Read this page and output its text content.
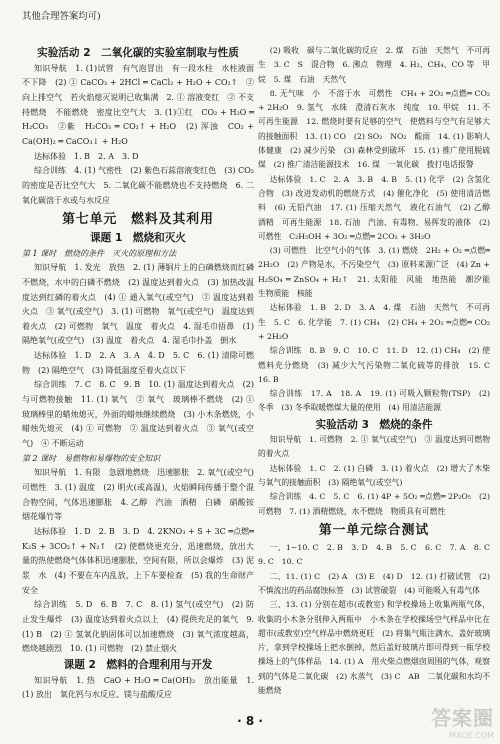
其他合理答案均可)
实验活动 2　二氧化碳的实验室制取与性质

知识导航　1. (1)试管　有气泡冒出　有一段水柱　水柱液面不下降　(2) ① CaCO₃ + 2HCl ═ CaCl₂ + H₂O + CO₂↑　② 向上排空气　若火焰熄灭说明已收集满　2. ① 溶液变红　② 不支持燃烧　不能燃烧　密度比空气大　3. (1)①红　CO₂ + H₂O ═ H₂CO₃　②紫　H₂CO₃ ═ CO₂↑ + H₂O　(2) 浑浊　CO₂ + Ca(OH)₂ ═ CaCO₃↓ + H₂O

达标体验　1. B　2. A　3. D

综合训练　4. (1) 气密性　(2) 紫色石蕊溶液变红色　(3) CO₂ 的密度是否比空气大　5. 二氧化碳不能燃烧也不支持燃烧　6. 二氧化碳溶于水或与水反应

第七单元　燃料及其利用
课题 1　燃烧和灭火
第 1 课时　燃烧的条件　灭火的原理和方法

知识导航　1. 发光　放热　2. (1) 薄铜片上的白磷燃烧而红磷不燃烧，水中的白磷不燃烧　(2) 温度达到着火点　(3) 加热改温度达到红磷的着火点　(4) ① 通入氧气(或空气)　② 温度达到着火点　③ 氧气(或空气)　3. (1) 可燃物　氧气(或空气)　温度达到着火点　(2) 可燃物　氧气　温度　着火点　4. 湿毛巾捂鼻　(1) 隔绝氧气(或空气)　(3) 温度　着火点　4. 湿毛巾扑盖　倒水

达标体验　1. D　2. A　3. A　4. D　5. C　6. (1) 清除可燃物　(2) 隔绝空气　(3) 降低温度至着火点以下

综合训练　7. C　8. C　9. B　10. (1) 温度达到着火点　(2) 与可燃物接触　11. (1) 氧气　② 氧气　玻璃棒不燃烧　(2) ① 玻璃棒里的蜡烛熄灭，外面的蜡烛继续燃烧　(3) 小木条燃烧，小蜡烛先熄灭　(4) ① 可燃物　② 温度达到着火点　③ 氧气(或空气)　④ 不断运动

第 2 课时　易燃物和易爆物的安全知识

知识导航　1. 有限　急剧地燃烧　迅速膨胀　2. 氧气(或空气)　可燃性　3. (1) 温度　(2) 明火(或高温)，火焰瞬间传播于整个混合物空间，气体迅速膨胀　4. 乙醇　汽油　酒精　白磷　硝酸铵　烟花爆竹等

达标体验　1. D　2. B　3. D　4. 2KNO₃ + S + 3C ═点燃═ K₂S + 3CO₂↑ + N₂↑　(2) 使燃烧更充分，迅速燃烧，放出大量的热使燃烧气体体积迅速膨胀，空间有限，所以会爆炸　(3) 泥浆　水　(4) 不要在车内乱放，上下车要检查　(5) 我的生命财产安全

综合训练　5. D　6. B　7. C　8. (1) 氢气(或空气)　(2) 防止发生爆炸　(3) 温度达到着火点以上　(4) 提供充足的氧气　9. (1) B　(2) ① 氢氧化钠固体可以加速燃烧　(3) 氧气浓度越高，燃烧越剧烈　10. (1) 可燃物　(2) 禁止烟火

课题 2　燃料的合理利用与开发

知识导航　1. 热　CaO + H₂O ═ Ca(OH)₂　放出能量　1. (1) 放出　氧化钙与水反应、镁与盐酸反应

(2) 吸收　碳与二氧化碳的反应　2. 煤　石油　天然气　不可再生　3. C　S　混合物　6. 沸点　物理　4. H₂、CH₄、CO 等　甲烷　5. 煤　石油　天然气

8. 无气味　小　不溶于水　可燃性　CH₄ + 2O₂ ═点燃═ CO₂ + 2H₂O　9. 氢气　水珠　澄清石灰水　纯度　10. 甲烷　11. 不可再生能源　12. 燃烧时要有足够的空气　使燃料与空气有足够大的接触面积　13. (1) CO　(2) SO₂　NO₂　酸雨　14. (1) 影响人体健康　(2) 减少污染　(3) 森林受到破坏　15. (1) 推广使用脱硫煤　(2) 推广清洁能源技术　16. 煤　一氧化碳　拨打电话报警

达标体验　1. C　2. A　3. B　4. B　5. (1) 化学　(2) 含氢化合物　(3) 改进发动机的燃烧方式　(4) 催化净化　(5) 使用清洁燃料　(6) 无铅汽油　17. (1) 压缩天然气　液化石油气　(2) 乙醇　酒精　可再生能源　18. 石油　汽油、有毒物、易挥发的液体　(2) 可燃性　C₂H₅OH + 3O₂ ═点燃═ 2CO₂ + 3H₂O

(3) 可燃性　比空气小的气体　3. (1) 燃烧　2H₂ + O₂ ═点燃═ 2H₂O　(2) 产物是水，不污染空气　(3) 原料来源广泛　(4) Zn + H₂SO₄ ═ ZnSO₄ + H₂↑　21. 太阳能　风能　地热能　潮汐能　生物质能　核能

达标体验　1. B　2. D　3. A　4. 煤　石油　天然气　不可再生　5. C　6. 化学能　7. (1) CH₄　(2) CH₄ + 2O₂ ═点燃═ CO₂ + 2H₂O

综合训练　8. B　9. C　10. C　11. D　12. (1) CH₄　(2) 使燃料充分燃烧　(3) 减少大气污染物二氧化硫等的排放　15. C　16. B

综合训练　17. A　18. A　19. (1) 可吸入颗粒物(TSP)　(2) 冬季　(3) 冬季取暖燃煤大量的使用　(4) 用清洁能源

实验活动 3　燃烧的条件

知识导航　1. 可燃物　2. ① 氧气(或空气)　③ 温度达到可燃物的着火点

达标体验　1. C　2. (1) 白磷　3. (1) 着火点　(2) 增大了木柴与氧气的接触面积　(3) 隔绝氧气(或空气)

综合训练　4. C　5. C　6. (1) 4P + 5O₂ ═点燃═ 2P₂O₅　(2) 可燃物　7. (1) 酒精燃烧，水不燃烧　物质具有可燃性

第一单元综合测试

一、1~10. C　2. B　3. D　4. B　5. C　6. C　7. A　8. C　9. C　10. C

二、11. (1) C　(2) A　(3) E　(4) D　12. (1) 打破试管　(2) 不慎流出的药品腐蚀标签　(3) 试管破裂　(4) 可能吸入有毒气体

三、13. (1) 分别在超市(或教室) 和学校操场上收集两瓶气体，收集的小木条分别伸入两瓶中　小木条在学校操场空气样品中比在超市(或教室)空气样品中燃烧更旺　(2) 将集气瓶注满水，盖好玻璃片，拿到学校操场上把水倒掉，然后盖好玻璃片即可得到一瓶学校操场上的气体样品　14. (1) A　用火柴点燃烟囱周围的气体，观察到的气体是二氧化碳　(2) 水蒸气　(3) C　AB　二氧化碳和水均不能燃烧

· 8 ·	答案圈
MXQE.COM
